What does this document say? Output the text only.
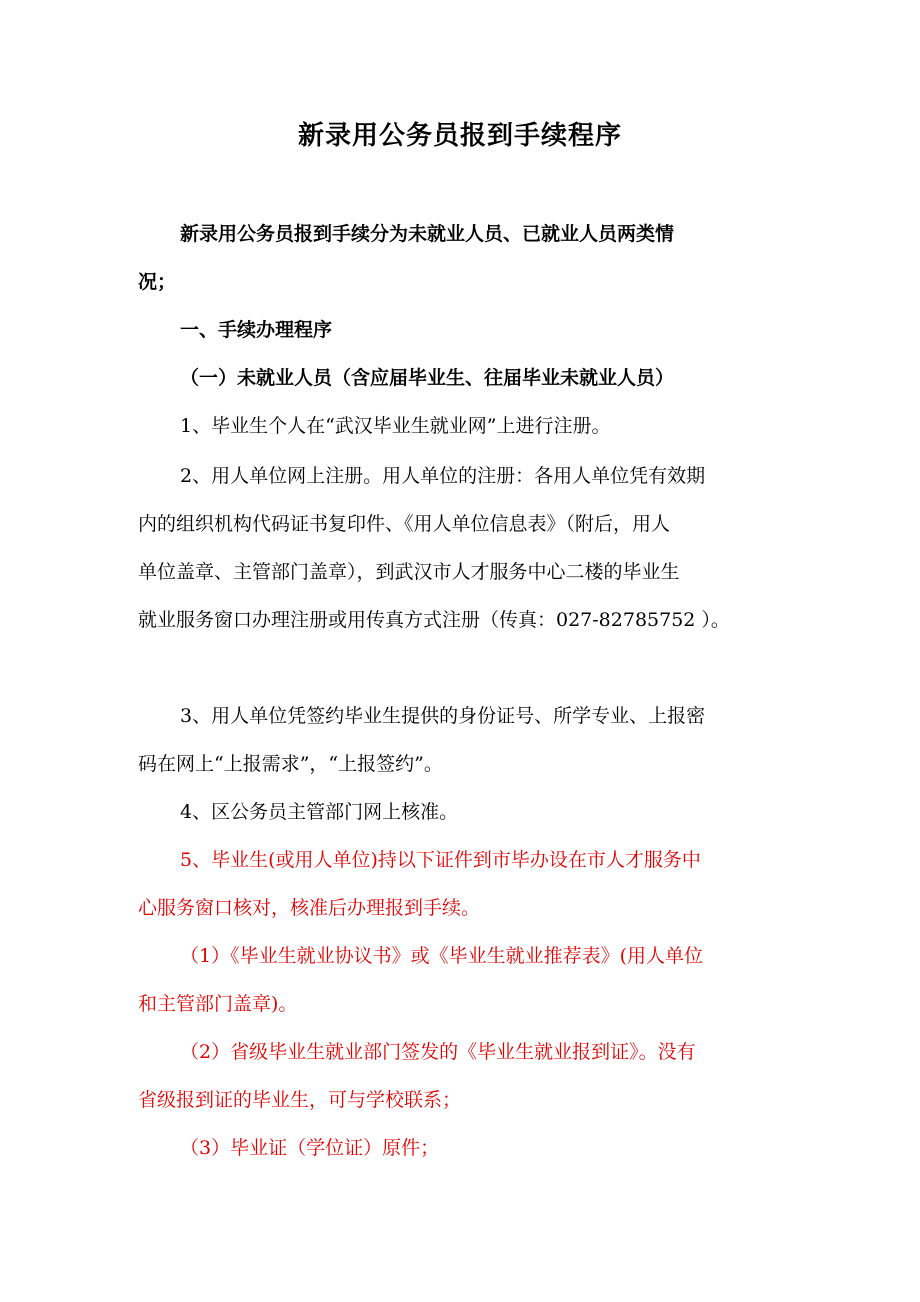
新录用公务员报到手续程序
新录用公务员报到手续分为未就业人员、已就业人员两类情
况；
一、手续办理程序
（一）未就业人员（含应届毕业生、往届毕业未就业人员）
1、毕业生个人在“武汉毕业生就业网”上进行注册。
2、用人单位网上注册。用人单位的注册：各用人单位凭有效期
内的组织机构代码证书复印件、《用人单位信息表》（附后，用人
单位盖章、主管部门盖章），到武汉市人才服务中心二楼的毕业生
就业服务窗口办理注册或用传真方式注册（传真：027-82785752 ）。
3、用人单位凭签约毕业生提供的身份证号、所学专业、上报密
码在网上“上报需求”，“上报签约”。
4、区公务员主管部门网上核准。
5、毕业生(或用人单位)持以下证件到市毕办设在市人才服务中
心服务窗口核对，核准后办理报到手续。
（1）《毕业生就业协议书》或《毕业生就业推荐表》(用人单位
和主管部门盖章)。
（2）省级毕业生就业部门签发的《毕业生就业报到证》。没有
省级报到证的毕业生，可与学校联系；
（3）毕业证（学位证）原件；
